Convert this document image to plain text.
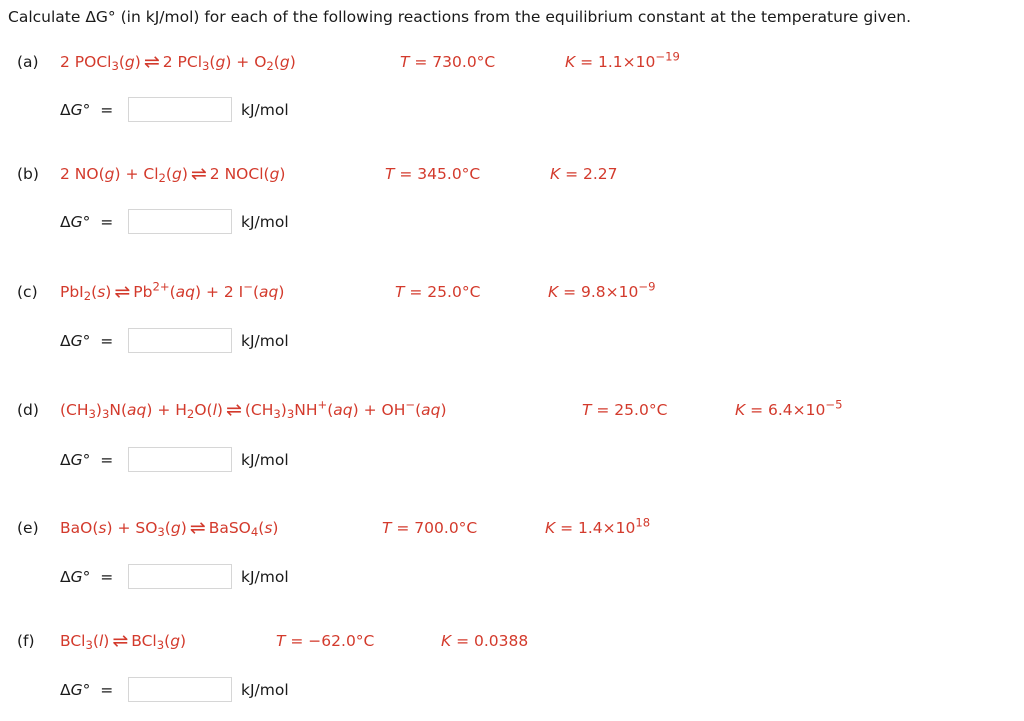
Calculate ΔG° (in kJ/mol) for each of the following reactions from the equilibrium constant at the temperature given.
(a) 2 POCl$_3$(g) ⇌ 2 $PCl_3(g) + O_2(g)$	T = 730.0°C	$K = 1.1\times 10^{-19}$
ΔG°  =	kJ/mol
(b) 2 $NO(g) + Cl_2(g)$ ⇌ 2 NOCl(g)	T = 345.0°C	K = 2.27
ΔG°  =	kJ/mol
(c) PbI$_2$(s) ⇌ $Pb^{2+}(aq) + 2$ I−(aq)	T = 25.0°C	$K = 9.8\times 10^{-9}$
ΔG°  =	kJ/mol
(d) $(CH_3)_3N(aq) + H_2O(l)$ ⇌ $(CH_3)_3NH^+(aq) + OH^-(aq)$	T = 25.0°C	$K = 6.4\times 10^{-5}$
ΔG°  =	kJ/mol
(e) $BaO(s) + SO_3(g)$ ⇌ BaSO$_4$(s)	T = 700.0°C	$K = 1.4\times 10^{18}$
ΔG°  =	kJ/mol
(f) BCl$_3$(l) ⇌ BCl$_3$(g)	T = −62.0°C	K = 0.0388
ΔG°  =	kJ/mol
